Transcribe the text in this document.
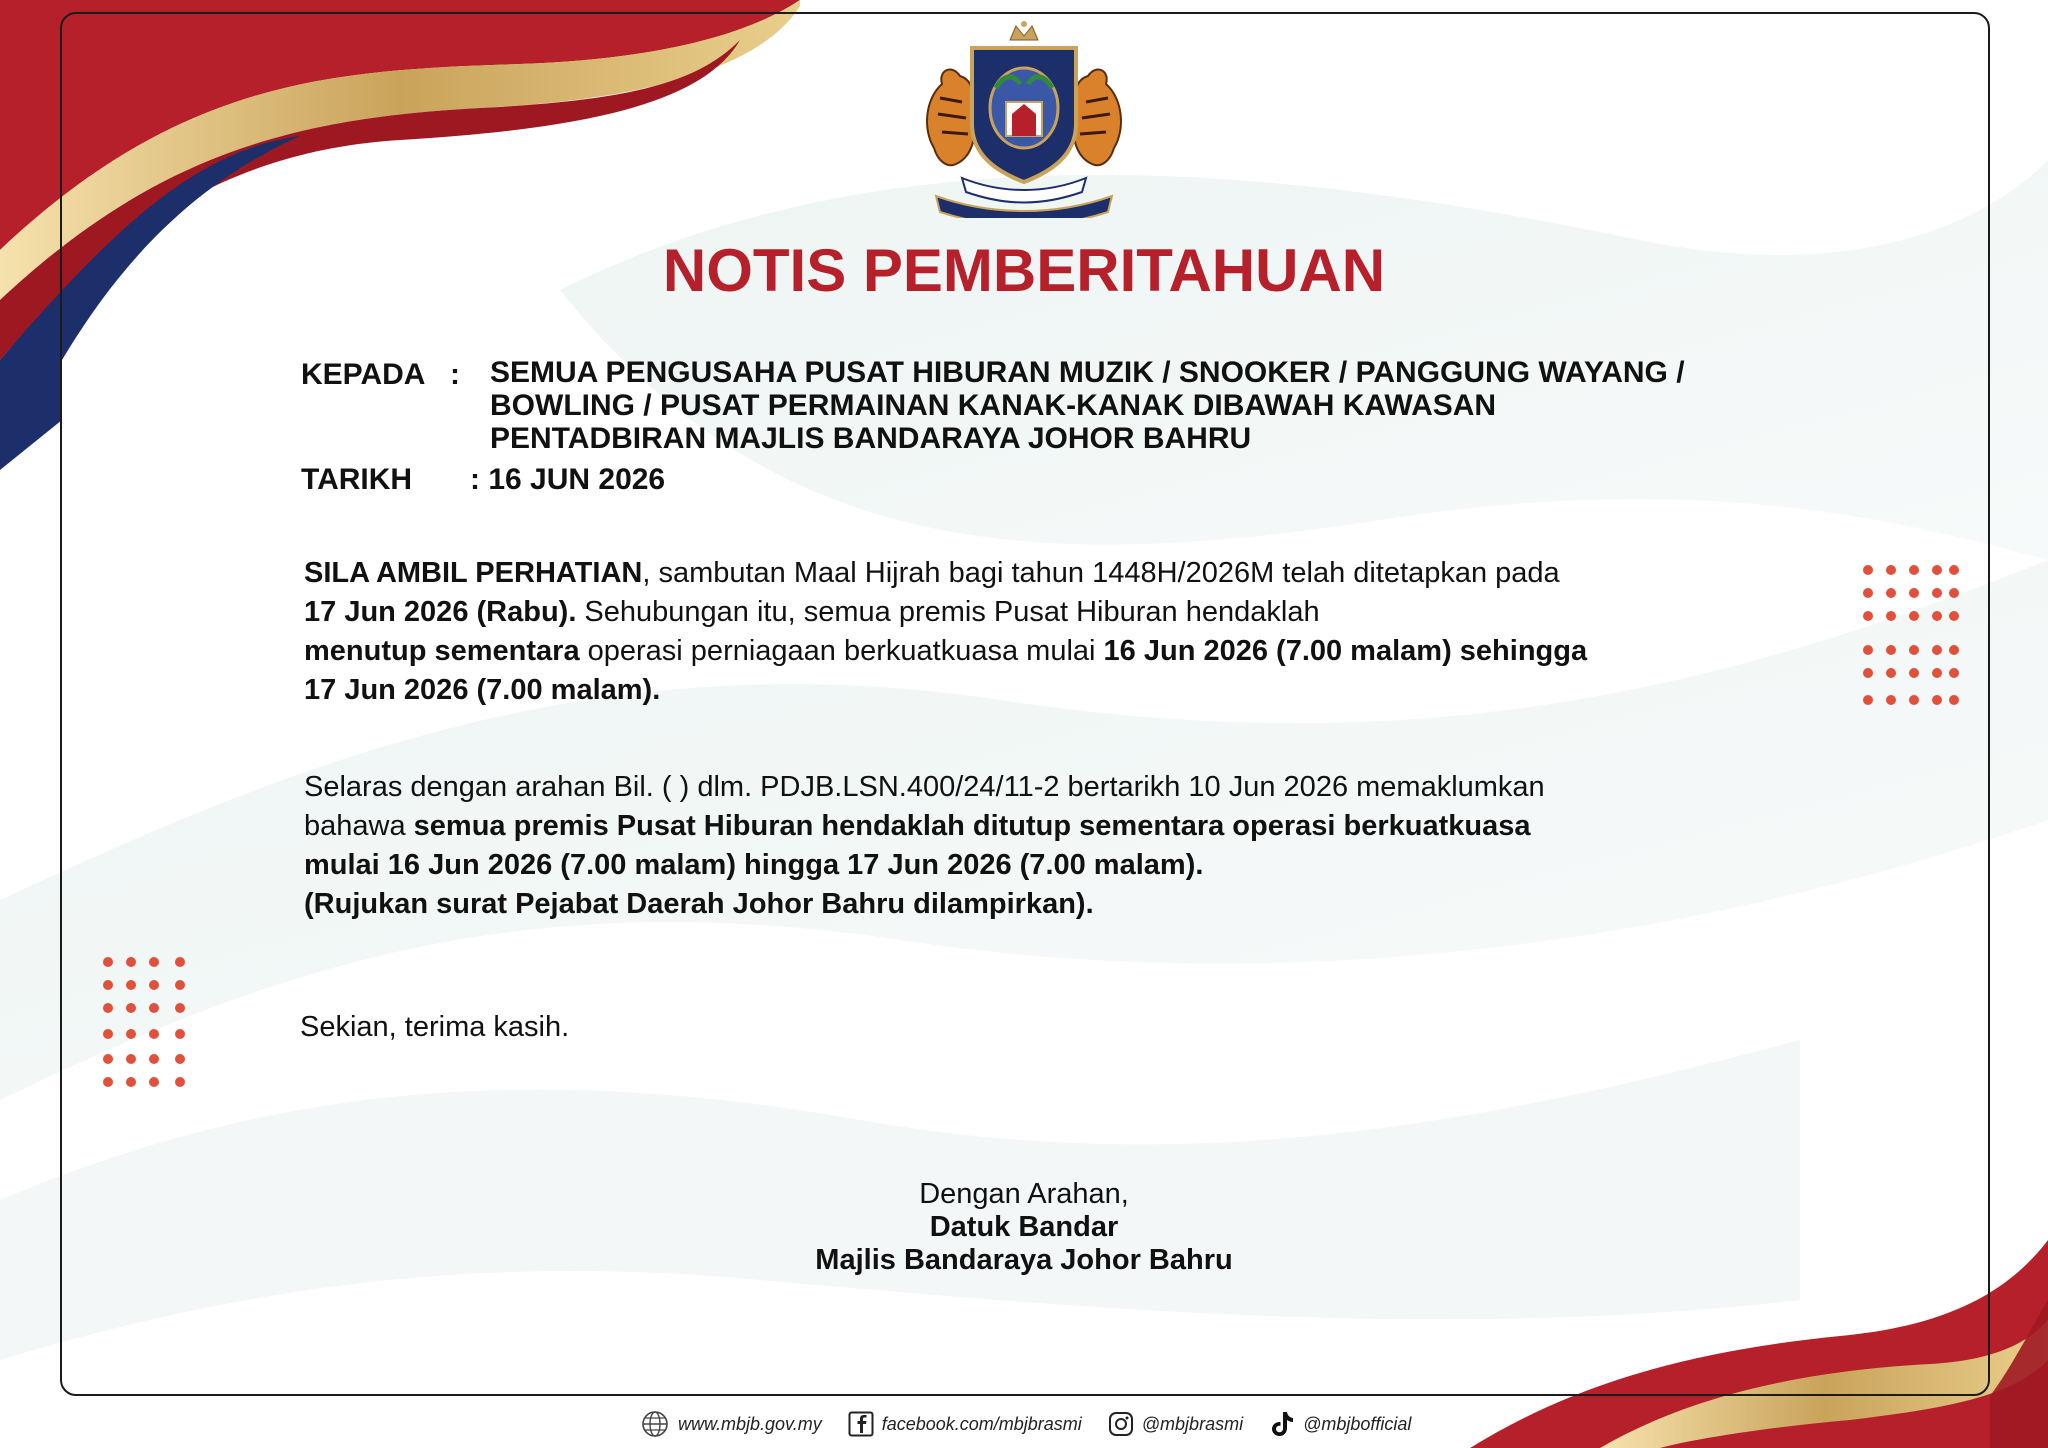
NOTIS PEMBERITAHUAN
KEPADA : SEMUA PENGUSAHA PUSAT HIBURAN MUZIK / SNOOKER / PANGGUNG WAYANG /
BOWLING / PUSAT PERMAINAN KANAK-KANAK DIBAWAH KAWASAN
PENTADBIRAN MAJLIS BANDARAYA JOHOR BAHRU
TARIKH : 16 JUN 2026
SILA AMBIL PERHATIAN, sambutan Maal Hijrah bagi tahun 1448H/2026M telah ditetapkan pada
17 Jun 2026 (Rabu). Sehubungan itu, semua premis Pusat Hiburan hendaklah
menutup sementara operasi perniagaan berkuatkuasa mulai 16 Jun 2026 (7.00 malam) sehingga
17 Jun 2026 (7.00 malam).
Selaras dengan arahan Bil. ( ) dlm. PDJB.LSN.400/24/11-2 bertarikh 10 Jun 2026 memaklumkan
bahawa semua premis Pusat Hiburan hendaklah ditutup sementara operasi berkuatkuasa
mulai 16 Jun 2026 (7.00 malam) hingga 17 Jun 2026 (7.00 malam).
(Rujukan surat Pejabat Daerah Johor Bahru dilampirkan).
Sekian, terima kasih.
Dengan Arahan,
Datuk Bandar
Majlis Bandaraya Johor Bahru
www.mbjb.gov.my	facebook.com/mbjbrasmi	@mbjbrasmi	@mbjbofficial
